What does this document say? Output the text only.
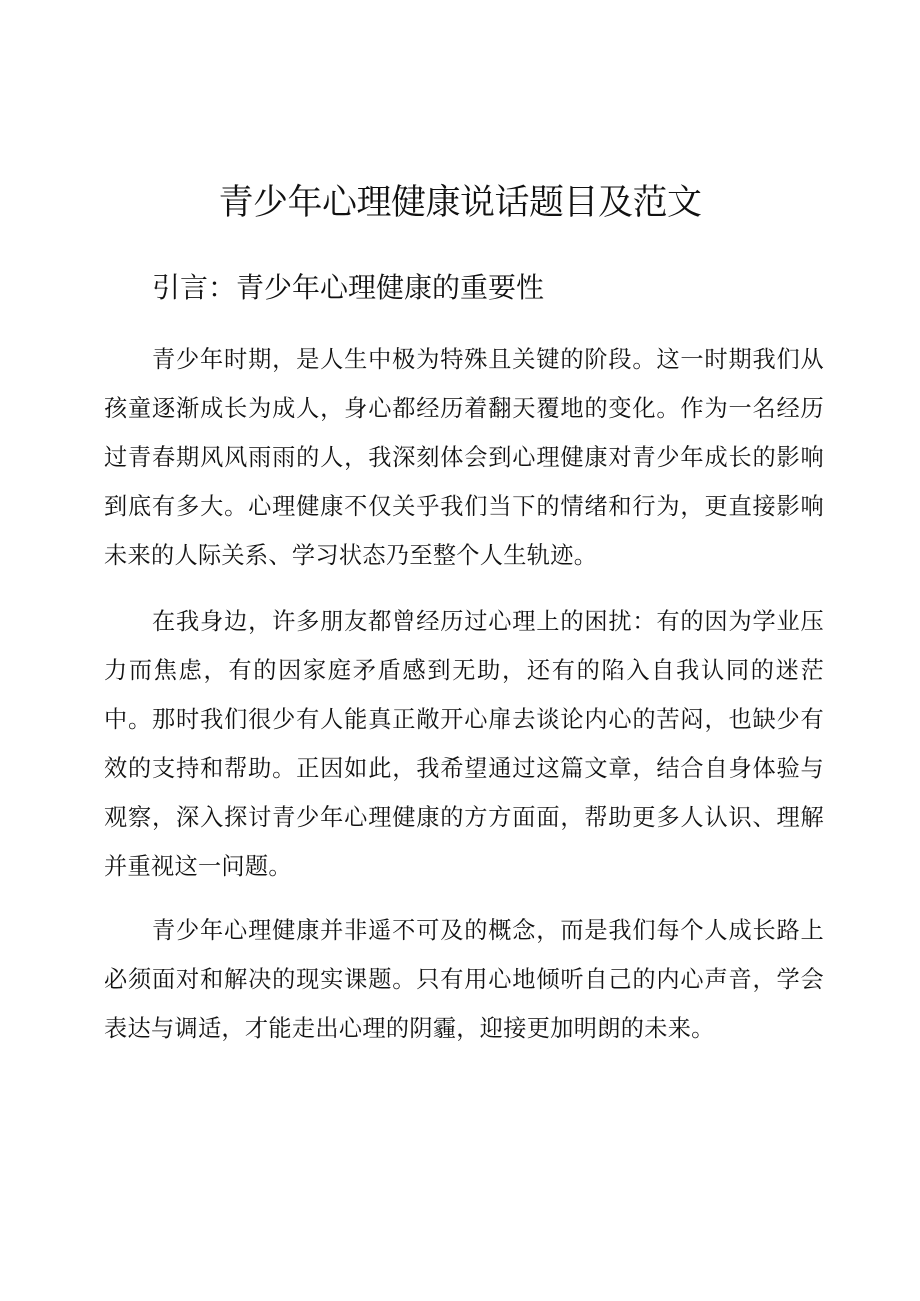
青少年心理健康说话题目及范文
引言：青少年心理健康的重要性

青少年时期，是人生中极为特殊且关键的阶段。这一时期我们从孩童逐渐成长为成人，身心都经历着翻天覆地的变化。作为一名经历过青春期风风雨雨的人，我深刻体会到心理健康对青少年成长的影响到底有多大。心理健康不仅关乎我们当下的情绪和行为，更直接影响未来的人际关系、学习状态乃至整个人生轨迹。

在我身边，许多朋友都曾经历过心理上的困扰：有的因为学业压力而焦虑，有的因家庭矛盾感到无助，还有的陷入自我认同的迷茫中。那时我们很少有人能真正敞开心扉去谈论内心的苦闷，也缺少有效的支持和帮助。正因如此，我希望通过这篇文章，结合自身体验与观察，深入探讨青少年心理健康的方方面面，帮助更多人认识、理解并重视这一问题。

青少年心理健康并非遥不可及的概念，而是我们每个人成长路上必须面对和解决的现实课题。只有用心地倾听自己的内心声音，学会表达与调适，才能走出心理的阴霾，迎接更加明朗的未来。
